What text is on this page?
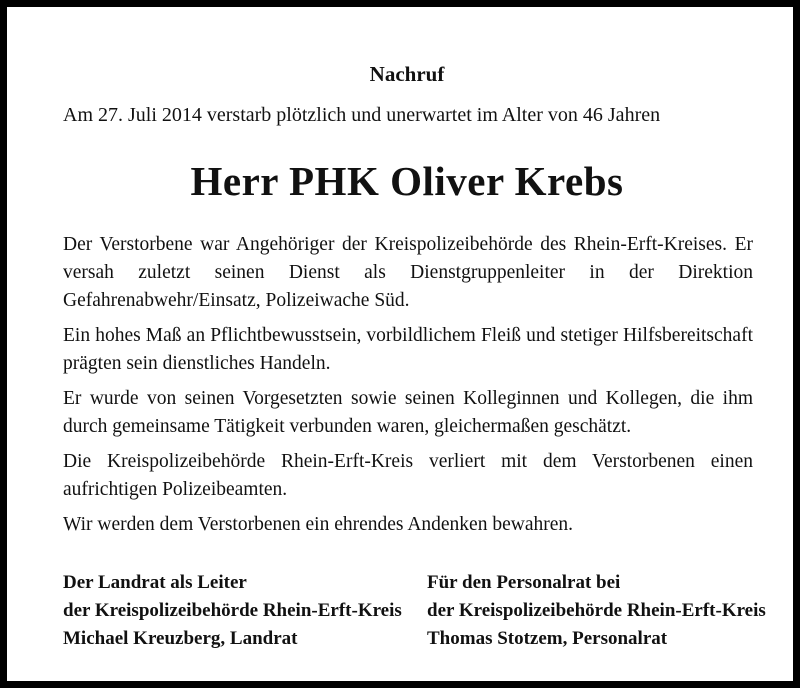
Nachruf

Am 27. Juli 2014 verstarb plötzlich und unerwartet im Alter von 46 Jahren

Herr PHK Oliver Krebs

Der Verstorbene war Angehöriger der Kreispolizeibehörde des Rhein-Erft-Kreises. Er versah zuletzt seinen Dienst als Dienstgruppenleiter in der Direktion Gefahrenabwehr/Einsatz, Polizeiwache Süd.

Ein hohes Maß an Pflichtbewusstsein, vorbildlichem Fleiß und stetiger Hilfsbereitschaft prägten sein dienstliches Handeln.

Er wurde von seinen Vorgesetzten sowie seinen Kolleginnen und Kollegen, die ihm durch gemeinsame Tätigkeit verbunden waren, gleichermaßen geschätzt.

Die Kreispolizeibehörde Rhein-Erft-Kreis verliert mit dem Verstorbenen einen aufrichtigen Polizeibeamten.

Wir werden dem Verstorbenen ein ehrendes Andenken bewahren.

Der Landrat als Leiter
der Kreispolizeibehörde Rhein-Erft-Kreis
Michael Kreuzberg, Landrat
Für den Personalrat bei
der Kreispolizeibehörde Rhein-Erft-Kreis
Thomas Stotzem, Personalrat
